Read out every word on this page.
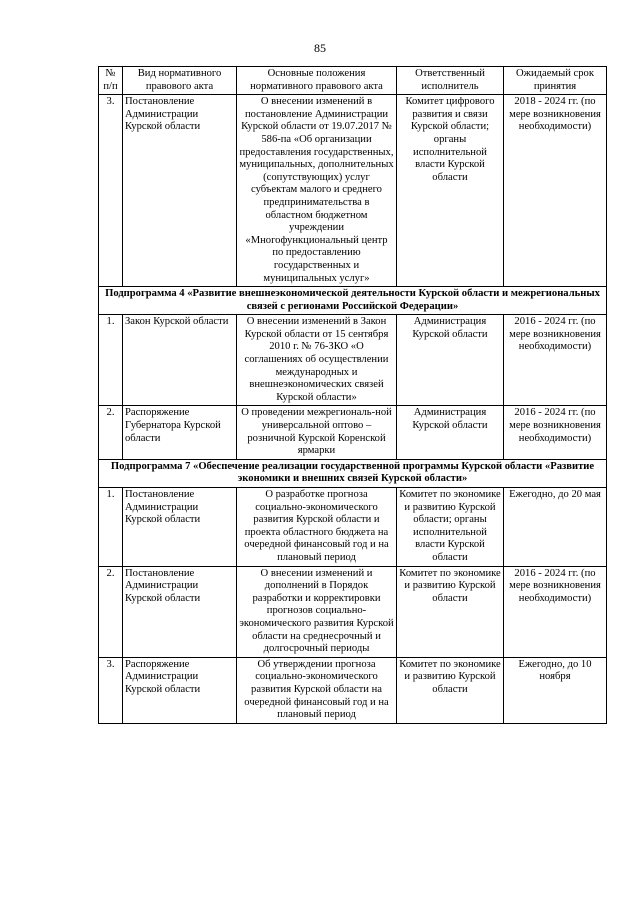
85
№ п/п	Вид нормативного правового акта	Основные положения нормативного правового акта	Ответственный исполнитель	Ожидаемый срок принятия
3.	Постановление Администрации Курской области	О внесении изменений в постановление Администрации Курской области от 19.07.2017 № 586-па «Об организации предоставления государственных, муниципальных, дополнительных (сопутствующих) услуг субъектам малого и среднего предпринимательства в областном бюджетном учреждении «Многофункциональный центр по предоставлению государственных и муниципальных услуг»	Комитет цифрового развития и связи Курской области; органы исполнительной власти Курской области	2018 - 2024 гг. (по мере возникновения необходимости)
Подпрограмма 4 «Развитие внешнеэкономической деятельности Курской области и межрегиональных связей с регионами Российской Федерации»				
1.	Закон Курской области	О внесении изменений в Закон Курской области от 15 сентября 2010 г. № 76-ЗКО «О соглашениях об осуществлении международных и внешнеэкономических связей Курской области»	Администрация Курской области	2016 - 2024 гг. (по мере возникновения необходимости)
2.	Распоряжение Губернатора Курской области	О проведении межрегиональ-ной универсальной оптово – розничной Курской Коренской ярмарки	Администрация Курской области	2016 - 2024 гг. (по мере возникновения необходимости)
Подпрограмма 7 «Обеспечение реализации государственной программы Курской области «Развитие экономики и внешних связей Курской области»				
1.	Постановление Администрации Курской области	О разработке прогноза социально-экономического развития Курской области и проекта областного бюджета на очередной финансовый год и на плановый период	Комитет по экономике и развитию Курской области; органы исполнительной власти Курской области	Ежегодно, до 20 мая
2.	Постановление Администрации Курской области	О внесении изменений и дополнений в Порядок разработки и корректировки прогнозов социально-экономического развития Курской области на среднесрочный и долгосрочный периоды	Комитет по экономике и развитию Курской области	2016 - 2024 гг. (по мере возникновения необходимости)
3.	Распоряжение Администрации Курской области	Об утверждении прогноза социально-экономического развития Курской области на очередной финансовый год и на плановый период	Комитет по экономике и развитию Курской области	Ежегодно, до 10 ноября
